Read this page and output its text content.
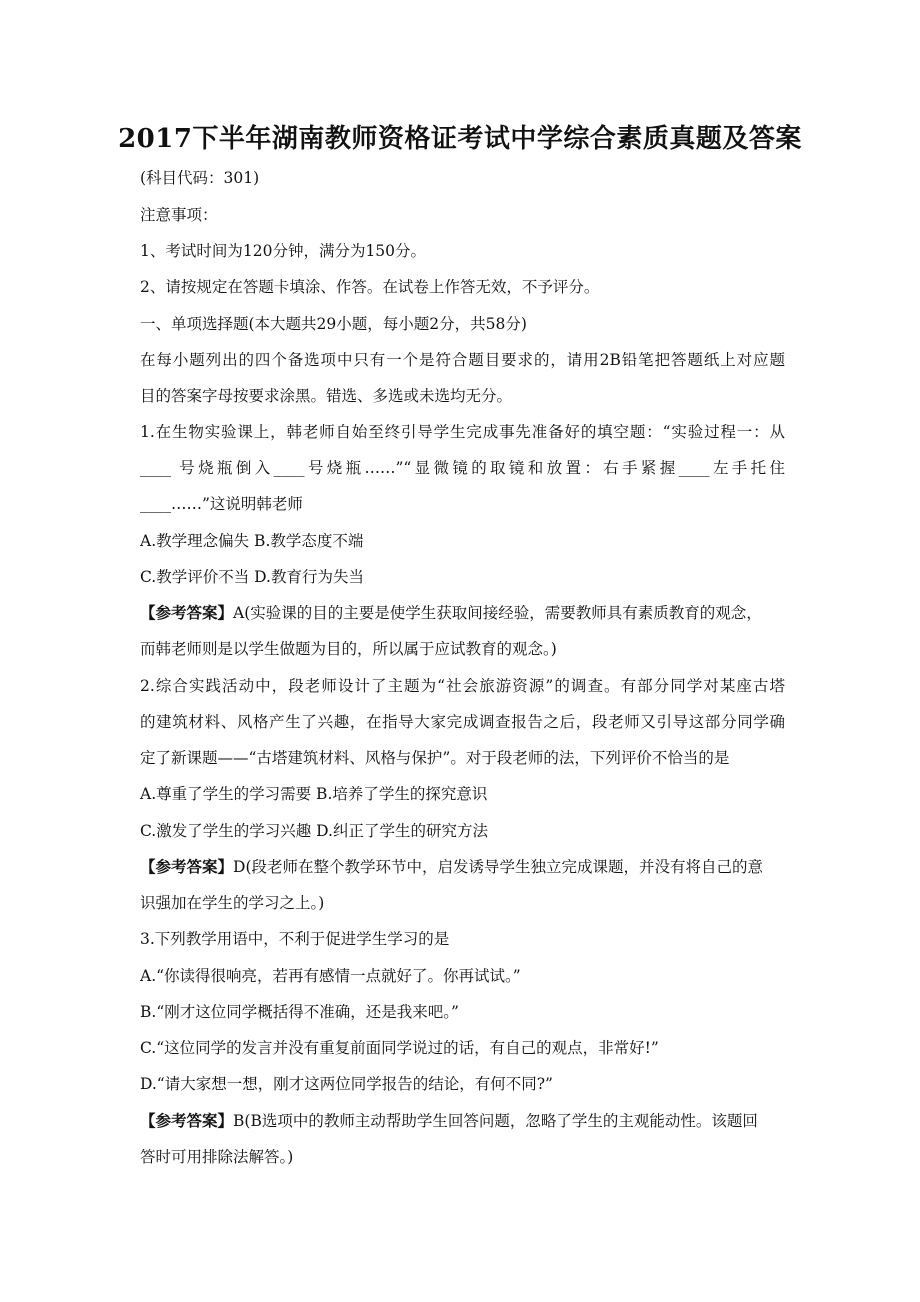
2017下半年湖南教师资格证考试中学综合素质真题及答案
(科目代码：301)
注意事项：
1、考试时间为120分钟，满分为150分。
2、请按规定在答题卡填涂、作答。在试卷上作答无效，不予评分。
一、单项选择题(本大题共29小题，每小题2分，共58分)
在每小题列出的四个备选项中只有一个是符合题目要求的，请用2B铅笔把答题纸上对应题
目的答案字母按要求涂黑。错选、多选或未选均无分。
1.在生物实验课上，韩老师自始至终引导学生完成事先准备好的填空题：“实验过程一：从
____ 号烧瓶倒入____号烧瓶……”“显微镜的取镜和放置：右手紧握____左手托住
____……”这说明韩老师
A.教学理念偏失 B.教学态度不端
C.教学评价不当 D.教育行为失当
【参考答案】A(实验课的目的主要是使学生获取间接经验，需要教师具有素质教育的观念，
而韩老师则是以学生做题为目的，所以属于应试教育的观念。)
2.综合实践活动中，段老师设计了主题为“社会旅游资源”的调查。有部分同学对某座古塔
的建筑材料、风格产生了兴趣，在指导大家完成调查报告之后，段老师又引导这部分同学确
定了新课题——“古塔建筑材料、风格与保护”。对于段老师的法，下列评价不恰当的是
A.尊重了学生的学习需要 B.培养了学生的探究意识
C.激发了学生的学习兴趣 D.纠正了学生的研究方法
【参考答案】D(段老师在整个教学环节中，启发诱导学生独立完成课题，并没有将自己的意
识强加在学生的学习之上。)
3.下列教学用语中，不利于促进学生学习的是
A.“你读得很响亮，若再有感情一点就好了。你再试试。”
B.“刚才这位同学概括得不准确，还是我来吧。”
C.“这位同学的发言并没有重复前面同学说过的话，有自己的观点，非常好!”
D.“请大家想一想，刚才这两位同学报告的结论，有何不同?”
【参考答案】B(B选项中的教师主动帮助学生回答问题，忽略了学生的主观能动性。该题回
答时可用排除法解答。)
